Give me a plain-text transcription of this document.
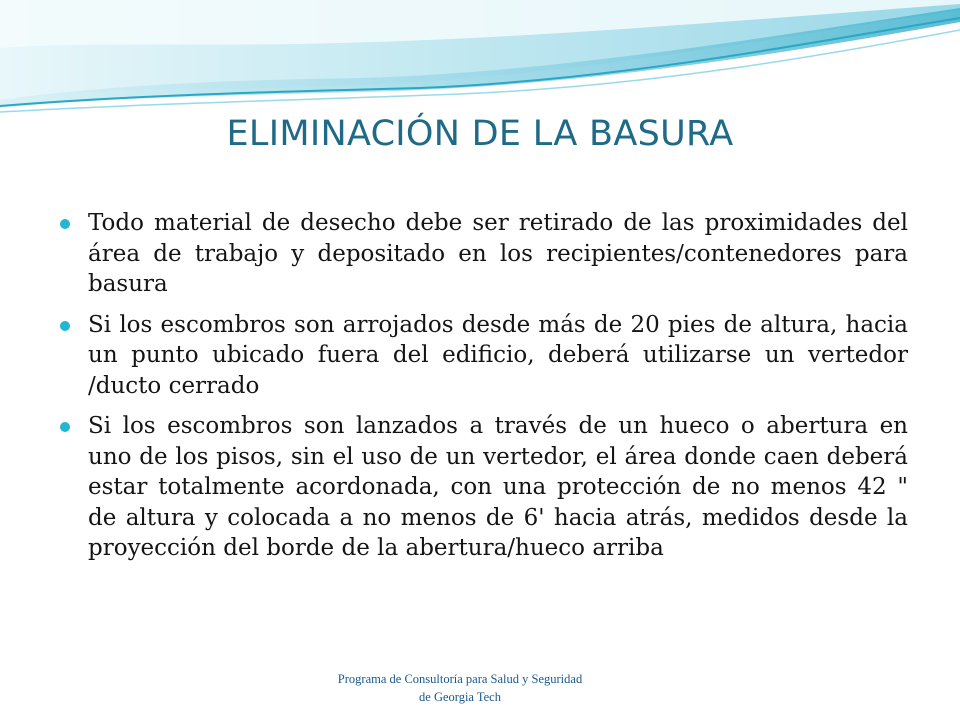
ELIMINACIÓN DE LA BASURA
Todo material de desecho debe ser retirado de las proximidades del área de trabajo y depositado en los recipientes/contenedores para basura
Si los escombros son arrojados desde más de 20 pies de altura, hacia un punto ubicado fuera del edificio, deberá utilizarse un vertedor /ducto cerrado
Si los escombros son lanzados a través de un hueco o abertura en uno de los pisos, sin el uso de un vertedor, el área donde caen deberá estar totalmente acordonada, con una protección de no menos 42 " de altura y colocada a no menos de 6' hacia atrás, medidos desde la proyección del borde de la abertura/hueco arriba
Programa de Consultoría para Salud y Seguridad
de Georgia Tech
